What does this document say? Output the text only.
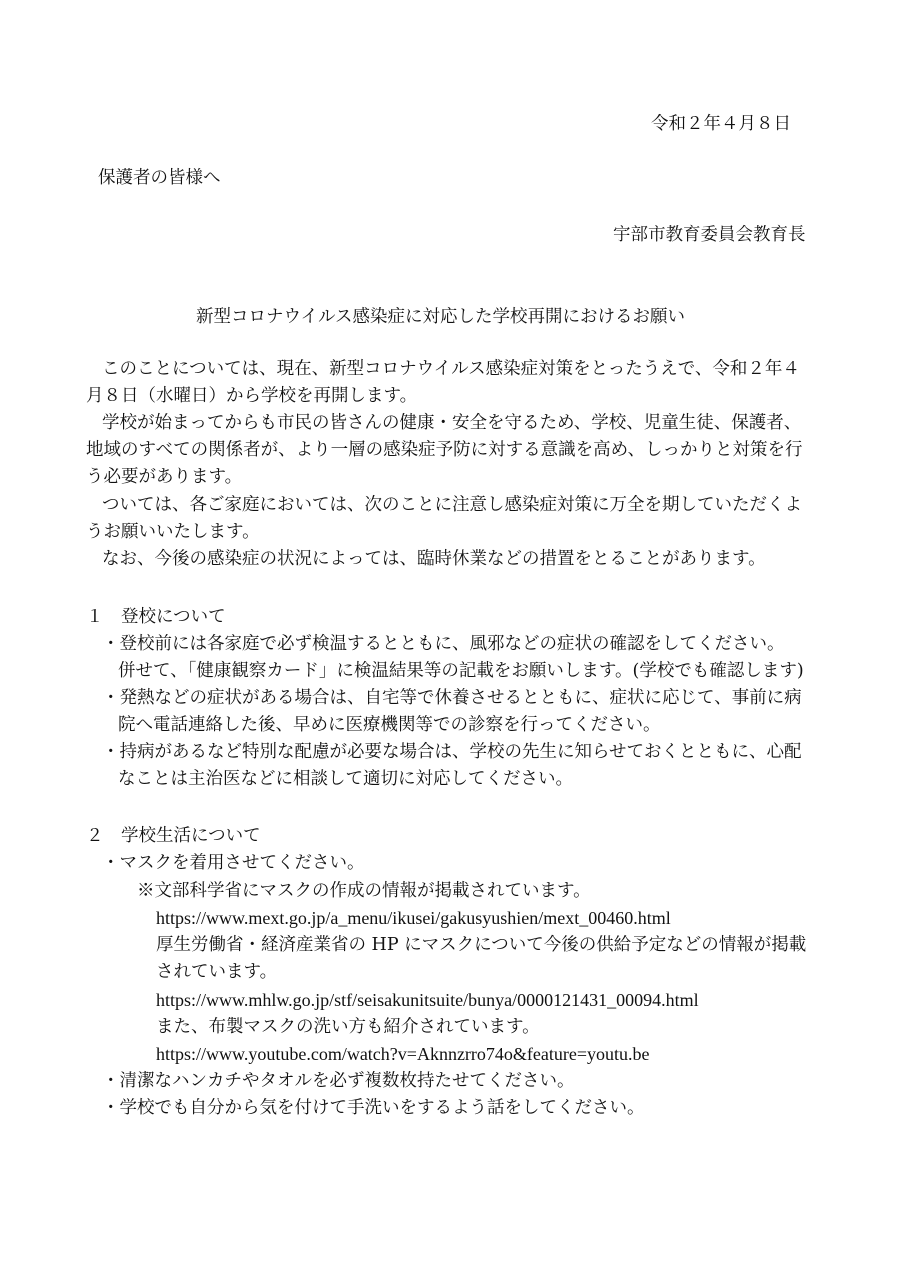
令和２年４月８日
保護者の皆様へ
宇部市教育委員会教育長
新型コロナウイルス感染症に対応した学校再開におけるお願い
このことについては、現在、新型コロナウイルス感染症対策をとったうえで、令和２年４
月８日（水曜日）から学校を再開します。
学校が始まってからも市民の皆さんの健康・安全を守るため、学校、児童生徒、保護者、
地域のすべての関係者が、より一層の感染症予防に対する意識を高め、しっかりと対策を行
う必要があります。
ついては、各ご家庭においては、次のことに注意し感染症対策に万全を期していただくよ
うお願いいたします。
なお、今後の感染症の状況によっては、臨時休業などの措置をとることがあります。
１　登校について
・登校前には各家庭で必ず検温するとともに、風邪などの症状の確認をしてください。
併せて、「健康観察カード」に検温結果等の記載をお願いします。(学校でも確認します)
・発熱などの症状がある場合は、自宅等で休養させるとともに、症状に応じて、事前に病
院へ電話連絡した後、早めに医療機関等での診察を行ってください。
・持病があるなど特別な配慮が必要な場合は、学校の先生に知らせておくとともに、心配
なことは主治医などに相談して適切に対応してください。
２　学校生活について
・マスクを着用させてください。
※文部科学省にマスクの作成の情報が掲載されています。
https://www.mext.go.jp/a_menu/ikusei/gakusyushien/mext_00460.html
厚生労働省・経済産業省の HP にマスクについて今後の供給予定などの情報が掲載
されています。
https://www.mhlw.go.jp/stf/seisakunitsuite/bunya/0000121431_00094.html
また、布製マスクの洗い方も紹介されています。
https://www.youtube.com/watch?v=Aknnzrro74o&feature=youtu.be
・清潔なハンカチやタオルを必ず複数枚持たせてください。
・学校でも自分から気を付けて手洗いをするよう話をしてください。
